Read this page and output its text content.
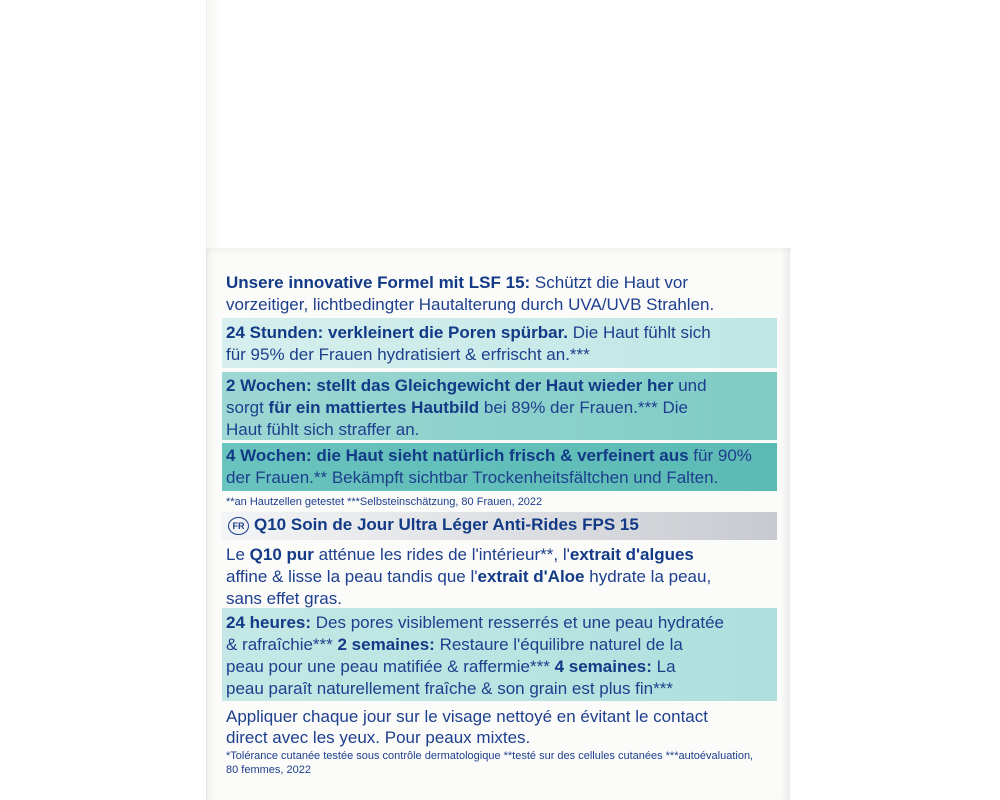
Unsere innovative Formel mit LSF 15: Schützt die Haut vor
vorzeitiger, lichtbedingter Hautalterung durch UVA/UVB Strahlen.
24 Stunden: verkleinert die Poren spürbar. Die Haut fühlt sich
für 95% der Frauen hydratisiert & erfrischt an.***
2 Wochen: stellt das Gleichgewicht der Haut wieder her und
sorgt für ein mattiertes Hautbild bei 89% der Frauen.*** Die
Haut fühlt sich straffer an.
4 Wochen: die Haut sieht natürlich frisch & verfeinert aus für 90%
der Frauen.** Bekämpft sichtbar Trockenheitsfältchen und Falten.
**an Hautzellen getestet ***Selbsteinschätzung, 80 Frauen, 2022
FR Q10 Soin de Jour Ultra Léger Anti-Rides FPS 15
Le Q10 pur atténue les rides de l'intérieur**, l'extrait d'algues
affine & lisse la peau tandis que l'extrait d'Aloe hydrate la peau,
sans effet gras.
24 heures: Des pores visiblement resserrés et une peau hydratée
& rafraîchie*** 2 semaines: Restaure l'équilibre naturel de la
peau pour une peau matifiée & raffermie*** 4 semaines: La
peau paraît naturellement fraîche & son grain est plus fin***
Appliquer chaque jour sur le visage nettoyé en évitant le contact
direct avec les yeux. Pour peaux mixtes.
*Tolérance cutanée testée sous contrôle dermatologique **testé sur des cellules cutanées ***autoévaluation,
80 femmes, 2022
